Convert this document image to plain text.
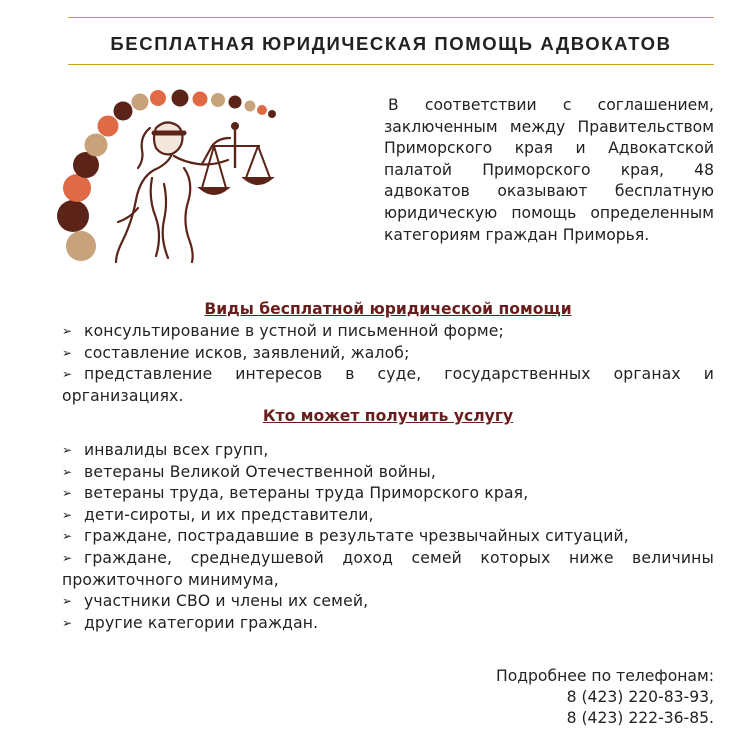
БЕСПЛАТНАЯ ЮРИДИЧЕСКАЯ ПОМОЩЬ АДВОКАТОВ
В соответствии с соглашением, заключенным между Правительством Приморского края и Адвокатской палатой Приморского края, 48 адвокатов оказывают бесплатную юридическую помощь определенным категориям граждан Приморья.
Виды бесплатной юридической помощи
➢ консультирование в устной и письменной форме;
➢ составление исков, заявлений, жалоб;
➢ представление интересов в суде, государственных органах и организациях.
Кто может получить услугу
➢ инвалиды всех групп,
➢ ветераны Великой Отечественной войны,
➢ ветераны труда, ветераны труда Приморского края,
➢ дети-сироты, и их представители,
➢ граждане, пострадавшие в результате чрезвычайных ситуаций,
➢ граждане, среднедушевой доход семей которых ниже величины прожиточного минимума,
➢ участники СВО и члены их семей,
➢ другие категории граждан.
Подробнее по телефонам:
8 (423) 220-83-93,
8 (423) 222-36-85.
